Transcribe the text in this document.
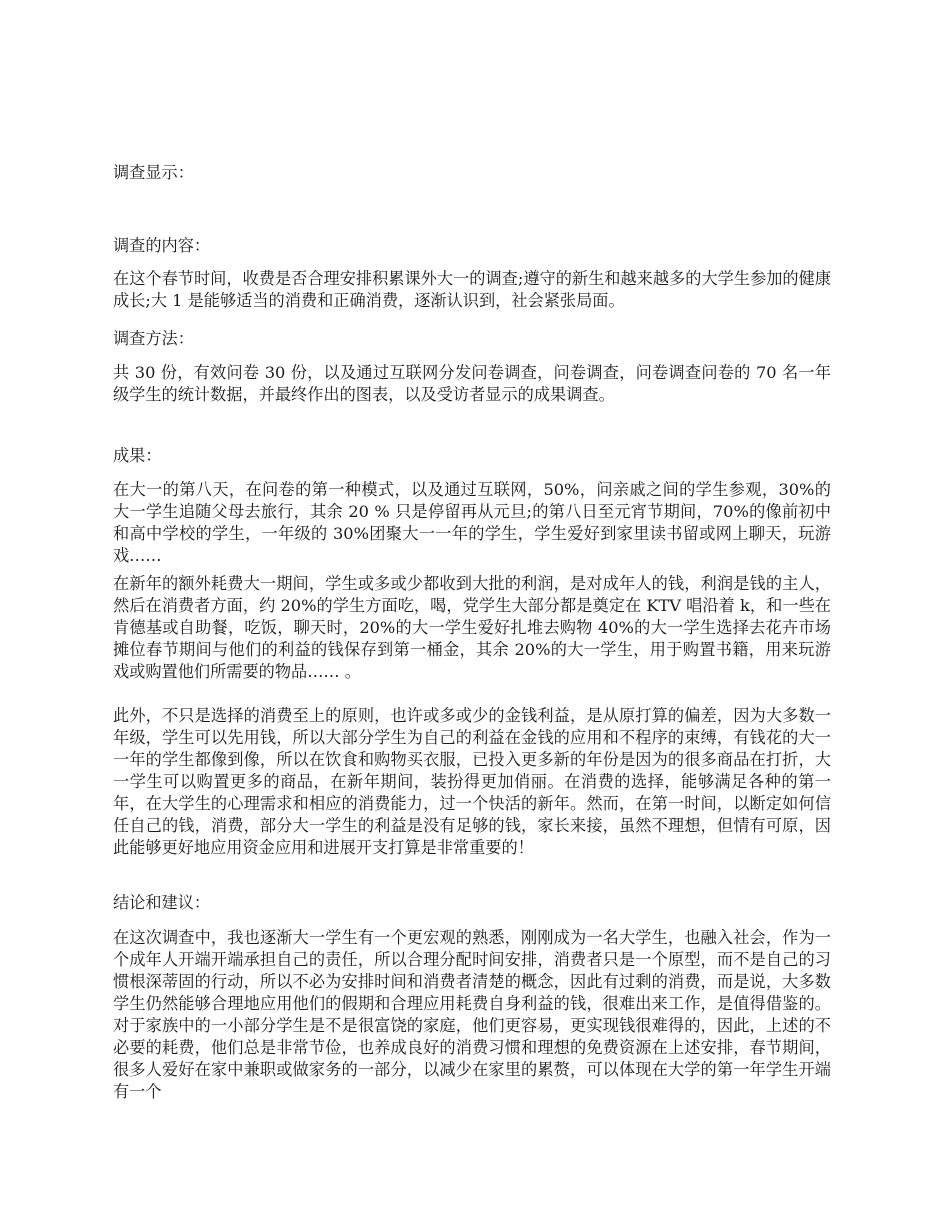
调查显示：

调查的内容：

在这个春节时间，收费是否合理安排积累课外大一的调查;遵守的新生和越来越多的大学生参加的健康成长;大 1 是能够适当的消费和正确消费，逐渐认识到，社会紧张局面。

调查方法：

共 30 份，有效问卷 30 份，以及通过互联网分发问卷调查，问卷调查，问卷调查问卷的 70 名一年级学生的统计数据，并最终作出的图表，以及受访者显示的成果调查。

成果：

在大一的第八天，在问卷的第一种模式，以及通过互联网，50%，问亲戚之间的学生参观，30%的大一学生追随父母去旅行，其余 20 % 只是停留再从元旦;的第八日至元宵节期间，70%的像前初中和高中学校的学生，一年级的 30%团聚大一一年的学生，学生爱好到家里读书留或网上聊天，玩游戏……

在新年的额外耗费大一期间，学生或多或少都收到大批的利润，是对成年人的钱，利润是钱的主人，然后在消费者方面，约 20%的学生方面吃，喝，党学生大部分都是奠定在 KTV 唱沿着 k，和一些在肯德基或自助餐，吃饭，聊天时，20%的大一学生爱好扎堆去购物 40%的大一学生选择去花卉市场摊位春节期间与他们的利益的钱保存到第一桶金，其余 20%的大一学生，用于购置书籍，用来玩游戏或购置他们所需要的物品…… 。

此外，不只是选择的消费至上的原则，也许或多或少的金钱利益，是从原打算的偏差，因为大多数一年级，学生可以先用钱，所以大部分学生为自己的利益在金钱的应用和不程序的束缚，有钱花的大一一年的学生都像到像，所以在饮食和购物买衣服，已投入更多新的年份是因为的很多商品在打折，大一学生可以购置更多的商品，在新年期间，装扮得更加俏丽。在消费的选择，能够满足各种的第一年，在大学生的心理需求和相应的消费能力，过一个快活的新年。然而，在第一时间，以断定如何信任自己的钱，消费，部分大一学生的利益是没有足够的钱，家长来接，虽然不理想，但情有可原，因此能够更好地应用资金应用和进展开支打算是非常重要的！

结论和建议：

在这次调查中，我也逐渐大一学生有一个更宏观的熟悉，刚刚成为一名大学生，也融入社会，作为一个成年人开端开端承担自己的责任，所以合理分配时间安排，消费者只是一个原型，而不是自己的习惯根深蒂固的行动，所以不必为安排时间和消费者清楚的概念，因此有过剩的消费，而是说，大多数学生仍然能够合理地应用他们的假期和合理应用耗费自身利益的钱，很难出来工作，是值得借鉴的。对于家族中的一小部分学生是不是很富饶的家庭，他们更容易，更实现钱很难得的，因此，上述的不必要的耗费，他们总是非常节俭，也养成良好的消费习惯和理想的免费资源在上述安排，春节期间，很多人爱好在家中兼职或做家务的一部分，以减少在家里的累赘，可以体现在大学的第一年学生开端有一个
